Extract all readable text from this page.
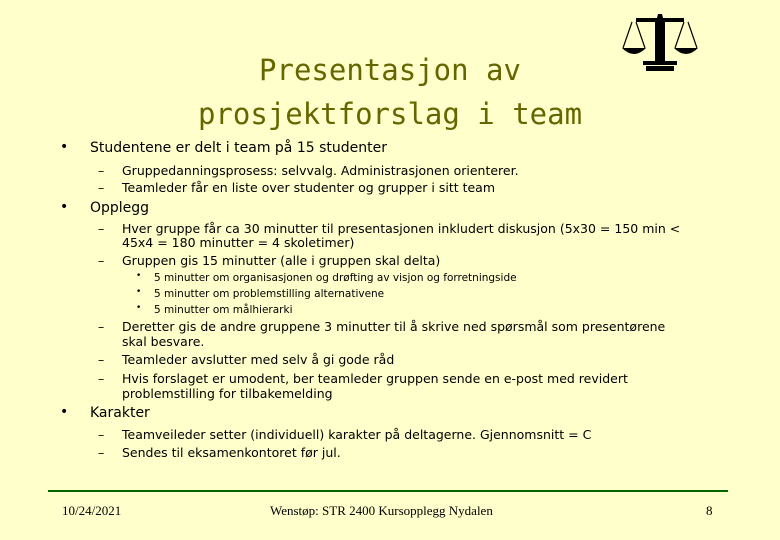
Presentasjon av
prosjektforslag i team
• Studentene er delt i team på 15 studenter
– Gruppedanningsprosess: selvvalg. Administrasjonen orienterer.
– Teamleder får en liste over studenter og grupper i sitt team
• Opplegg
– Hver gruppe får ca 30 minutter til presentasjonen inkludert diskusjon (5x30 = 150 min <
45x4 = 180 minutter = 4 skoletimer)
– Gruppen gis 15 minutter (alle i gruppen skal delta)
• 5 minutter om organisasjonen og drøfting av visjon og forretningside
• 5 minutter om problemstilling alternativene
• 5 minutter om målhierarki
– Deretter gis de andre gruppene 3 minutter til å skrive ned spørsmål som presentørene
skal besvare.
– Teamleder avslutter med selv å gi gode råd
– Hvis forslaget er umodent, ber teamleder gruppen sende en e-post med revidert
problemstilling for tilbakemelding
• Karakter
– Teamveileder setter (individuell) karakter på deltagerne. Gjennomsnitt = C
– Sendes til eksamenkontoret før jul.
10/24/2021	Wenstøp: STR 2400 Kursopplegg Nydalen	8
